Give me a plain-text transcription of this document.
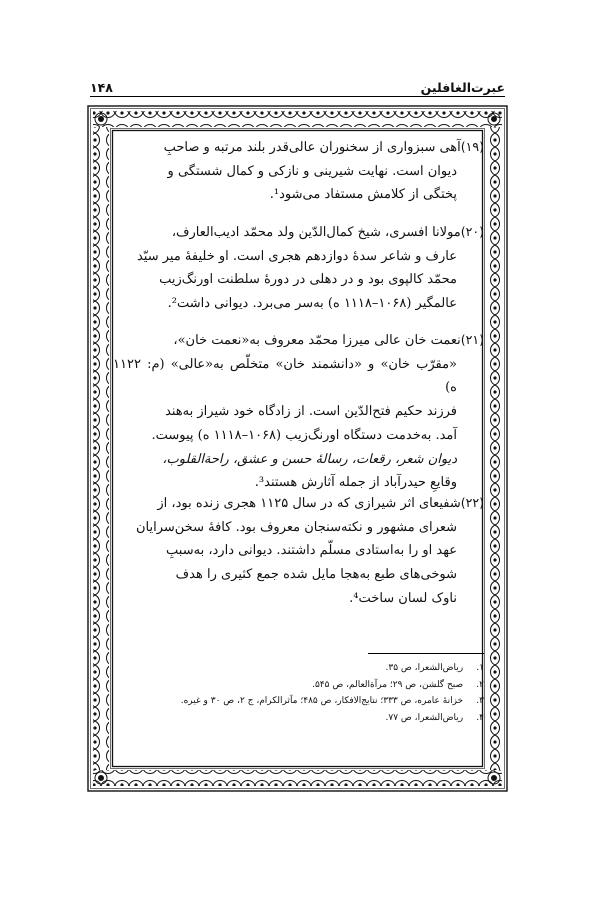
۱۴۸	عبرت‌الغافلین
(۱۹)آهی سبزواری از سخنوران عالی‌قدر بلند مرتبه و صاحبِ
دیوان است. نهایت شیرینی و نازکی و کمال شستگی و
پختگی از کلامش مستفاد می‌شود¹.
(۲۰)مولانا افسری، شیخ کمال‌الدّین ولد محمّد ادیب‌العارف،
عارف و شاعر سدهٔ دوازدهم هجری است. او خلیفهٔ میر سیّد
محمّد کالپوی بود و در دهلی در دورهٔ سلطنت اورنگ‌زیب
عالمگیر (۱۰۶۸–۱۱۱۸ ه) به‌سر می‌برد. دیوانی داشت².
(۲۱)نعمت خان عالی میرزا محمّد معروف به«نعمت خان»،
«مقرّب خان» و «دانشمند خان» متخلّص به«عالی» (م: ۱۱۲۲ ه)
فرزند حکیم فتح‌الدّین است. از زادگاه خود شیراز به‌هند
آمد. به‌خدمت دستگاه اورنگ‌زیب (۱۰۶۸–۱۱۱۸ ه) پیوست.
دیوان شعر، رقعات، رسالهٔ حسن و عشق، راحة‌القلوب،
وقایعِ حیدرآباد از جمله آثارش هستند³.
(۲۲)شفیعای اثر شیرازی که در سال ۱۱۲۵ هجری زنده بود، از
شعرای مشهور و نکته‌سنجان معروف بود. کافهٔ سخن‌سرایان
عهد او را به‌استادی مسلّم داشتند. دیوانی دارد، به‌سببِ
شوخی‌های طبع به‌هجا مایل شده جمع کثیری را هدف
ناوک لسان ساخت⁴.

۱. ریاض‌الشعرا، ص ۳۵.

۲. صبح گلشن، ص ۲۹؛ مرآة‌العالم، ص ۵۴۵.

۳. خزانهٔ عامره، ص ۳۳۳؛ نتایج‌الافکار، ص ۴۸۵؛ مآثرالکرام، ج ۲، ص ۳۰ و غیره.

۴. ریاض‌الشعرا، ص ۷۷.
